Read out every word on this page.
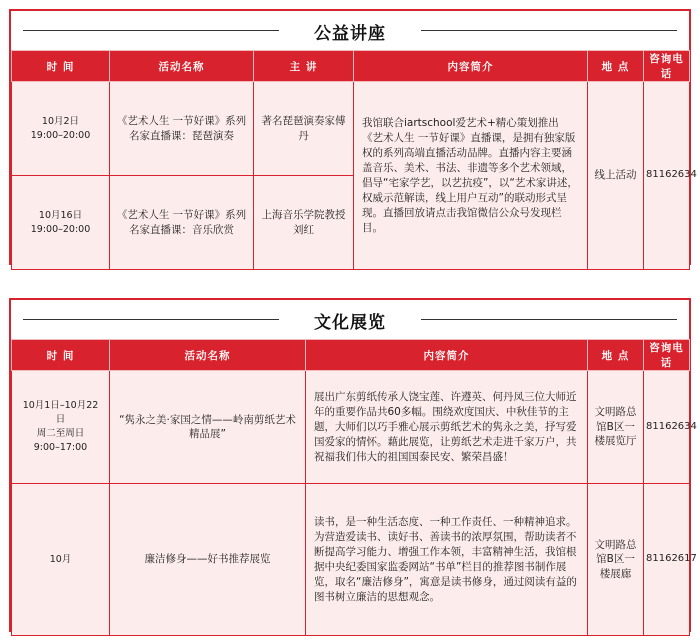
公益讲座
时 间	活动名称	主 讲	内容简介	地 点	咨询电话

10月2日
19:00–20:00	《艺术人生 一节好课》系列名家直播课：琵琶演奏	著名琵琶演奏家傅丹	我馆联合iartschool爱艺术+精心策划推出《艺术人生 一节好课》直播课，是拥有独家版权的系列高端直播活动品牌。直播内容主要涵盖音乐、美术、书法、非遗等多个艺术领域，倡导“宅家学艺，以艺抗疫”，以“艺术家讲述，权威示范解读，线上用户互动”的联动形式呈现。直播回放请点击我馆微信公众号发现栏目。	线上活动	81162634

10月16日
19:00–20:00	《艺术人生 一节好课》系列名家直播课：音乐欣赏	上海音乐学院教授刘红			
文化展览
时 间	活动名称	内容简介	地 点	咨询电话

10月1日–10月22日
周二至周日
9:00–17:00	“隽永之美·家国之情——岭南剪纸艺术精品展”	展出广东剪纸传承人饶宝莲、许遵英、何丹凤三位大师近年的重要作品共60多幅。围绕欢度国庆、中秋佳节的主题，大师们以巧手雅心展示剪纸艺术的隽永之美，抒写爱国爱家的情怀。藉此展览，让剪纸艺术走进千家万户，共祝福我们伟大的祖国国泰民安、繁荣昌盛！	文明路总馆B区一楼展览厅	81162634

10月	廉洁修身——好书推荐展览	读书，是一种生活态度、一种工作责任、一种精神追求。为营造爱读书、读好书、善读书的浓厚氛围，帮助读者不断提高学习能力、增强工作本领，丰富精神生活，我馆根据中央纪委国家监委网站“书单”栏目的推荐图书制作展览，取名“廉洁修身”，寓意是读书修身，通过阅读有益的图书树立廉洁的思想观念。	文明路总馆B区一楼展廊	81162617
